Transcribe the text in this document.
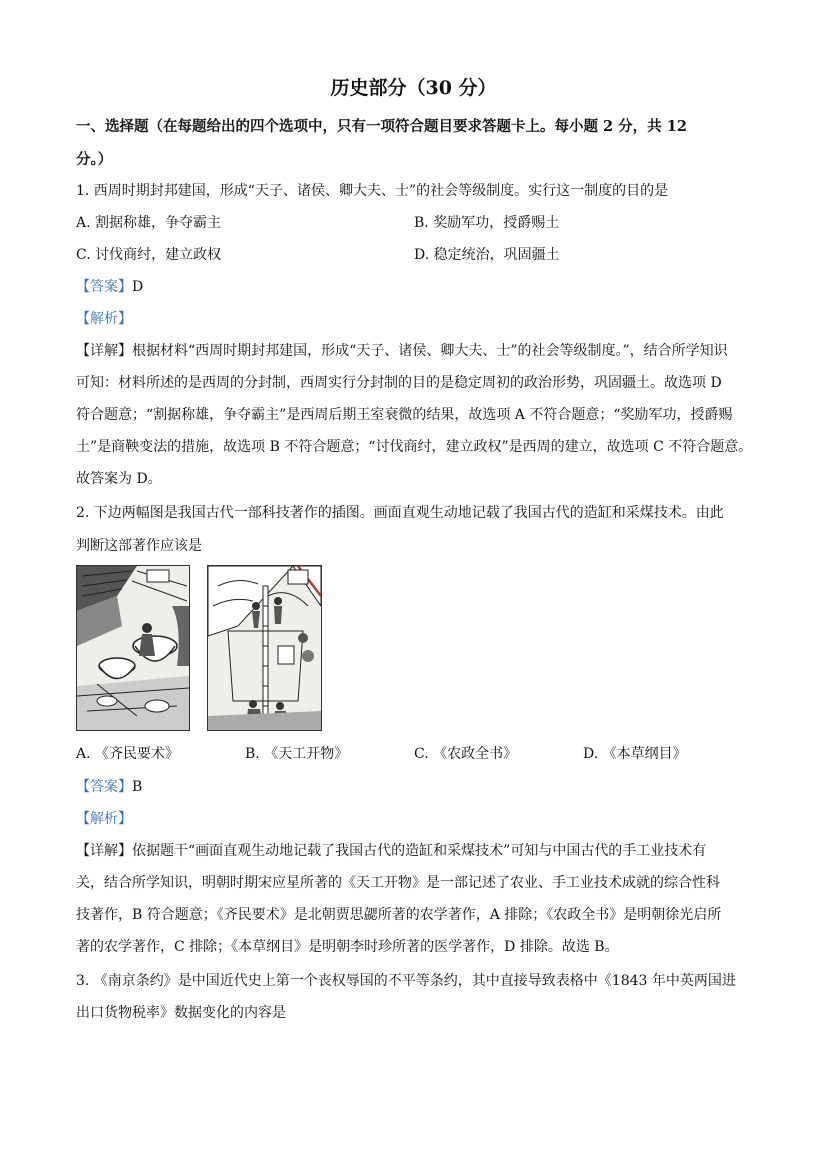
历史部分（30 分）
一、选择题（在每题给出的四个选项中，只有一项符合题目要求答题卡上。每小题 2 分，共 12
分。）
1. 西周时期封邦建国，形成“天子、诸侯、卿大夫、士”的社会等级制度。实行这一制度的目的是
A. 割据称雄，争夺霸主	B. 奖励军功，授爵赐土
C. 讨伐商纣，建立政权	D. 稳定统治，巩固疆土
【答案】D
【解析】
【详解】根据材料“西周时期封邦建国，形成“天子、诸侯、卿大夫、士”的社会等级制度。”，结合所学知识
可知：材料所述的是西周的分封制，西周实行分封制的目的是稳定周初的政治形势，巩固疆土。故选项 D
符合题意；“割据称雄，争夺霸主”是西周后期王室衰微的结果，故选项 A 不符合题意；“奖励军功，授爵赐
土”是商鞅变法的措施，故选项 B 不符合题意；“讨伐商纣，建立政权”是西周的建立，故选项 C 不符合题意。
故答案为 D。
2. 下边两幅图是我国古代一部科技著作的插图。画面直观生动地记载了我国古代的造缸和采煤技术。由此
判断这部著作应该是
A. 《齐民要术》	B. 《天工开物》	C. 《农政全书》	D. 《本草纲目》
【答案】B
【解析】
【详解】依据题干“画面直观生动地记载了我国古代的造缸和采煤技术”可知与中国古代的手工业技术有
关，结合所学知识，明朝时期宋应星所著的《天工开物》是一部记述了农业、手工业技术成就的综合性科
技著作，B 符合题意；《齐民要术》是北朝贾思勰所著的农学著作，A 排除；《农政全书》是明朝徐光启所
著的农学著作，C 排除；《本草纲目》是明朝李时珍所著的医学著作，D 排除。故选 B。
3. 《南京条约》是中国近代史上第一个丧权辱国的不平等条约，其中直接导致表格中《1843 年中英两国进
出口货物税率》数据变化的内容是
